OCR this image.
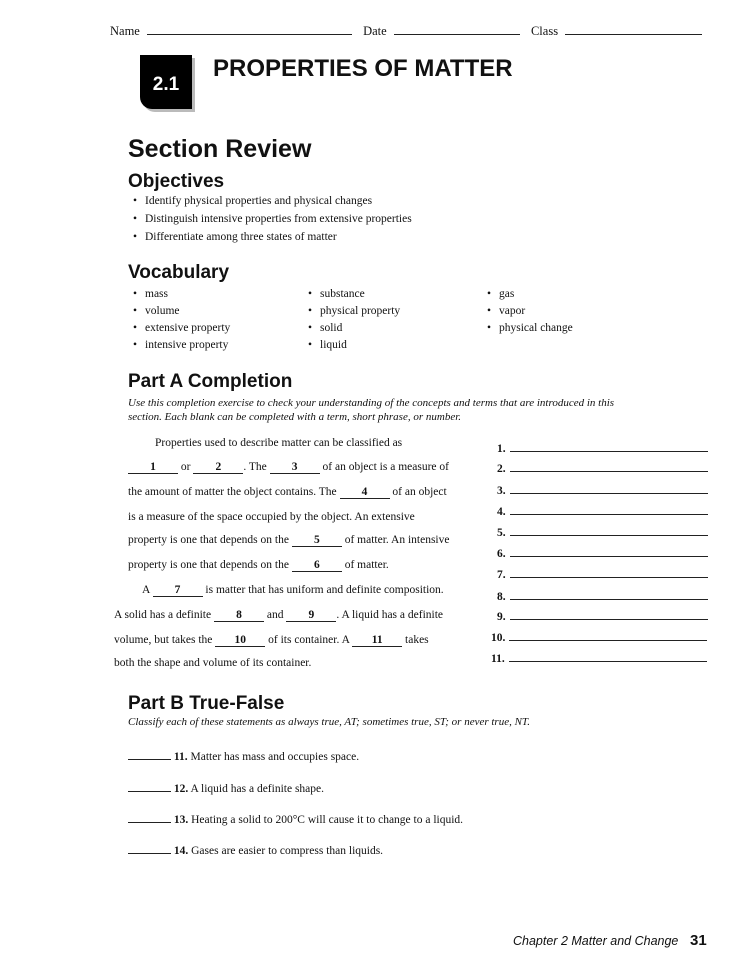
Name	Date	Class
2.1
PROPERTIES OF MATTER
Section Review
Objectives
• Identify physical properties and physical changes
• Distinguish intensive properties from extensive properties
• Differentiate among three states of matter
Vocabulary
• mass
• volume
• extensive property
• intensive property
• substance
• physical property
• solid
• liquid
• gas
• vapor
• physical change
Part A Completion
Use this completion exercise to check your understanding of the concepts and terms that are introduced in this
section. Each blank can be completed with a term, short phrase, or number.
Properties used to describe matter can be classified as
1 or 2 . The 3 of an object is a measure of
the amount of matter the object contains. The 4 of an object
is a measure of the space occupied by the object. An extensive
property is one that depends on the 5 of matter. An intensive
property is one that depends on the 6 of matter.
A 7 is matter that has uniform and definite composition.
A solid has a definite 8 and 9 . A liquid has a definite
volume, but takes the 10 of its container. A 11 takes
both the shape and volume of its container.
1.
2.
3.
4.
5.
6.
7.
8.
9.
10.
11.
Part B True-False
Classify each of these statements as always true, AT; sometimes true, ST; or never true, NT.
11. Matter has mass and occupies space.
12. A liquid has a definite shape.
13. Heating a solid to 200°C will cause it to change to a liquid.
14. Gases are easier to compress than liquids.
Chapter 2 Matter and Change 31
